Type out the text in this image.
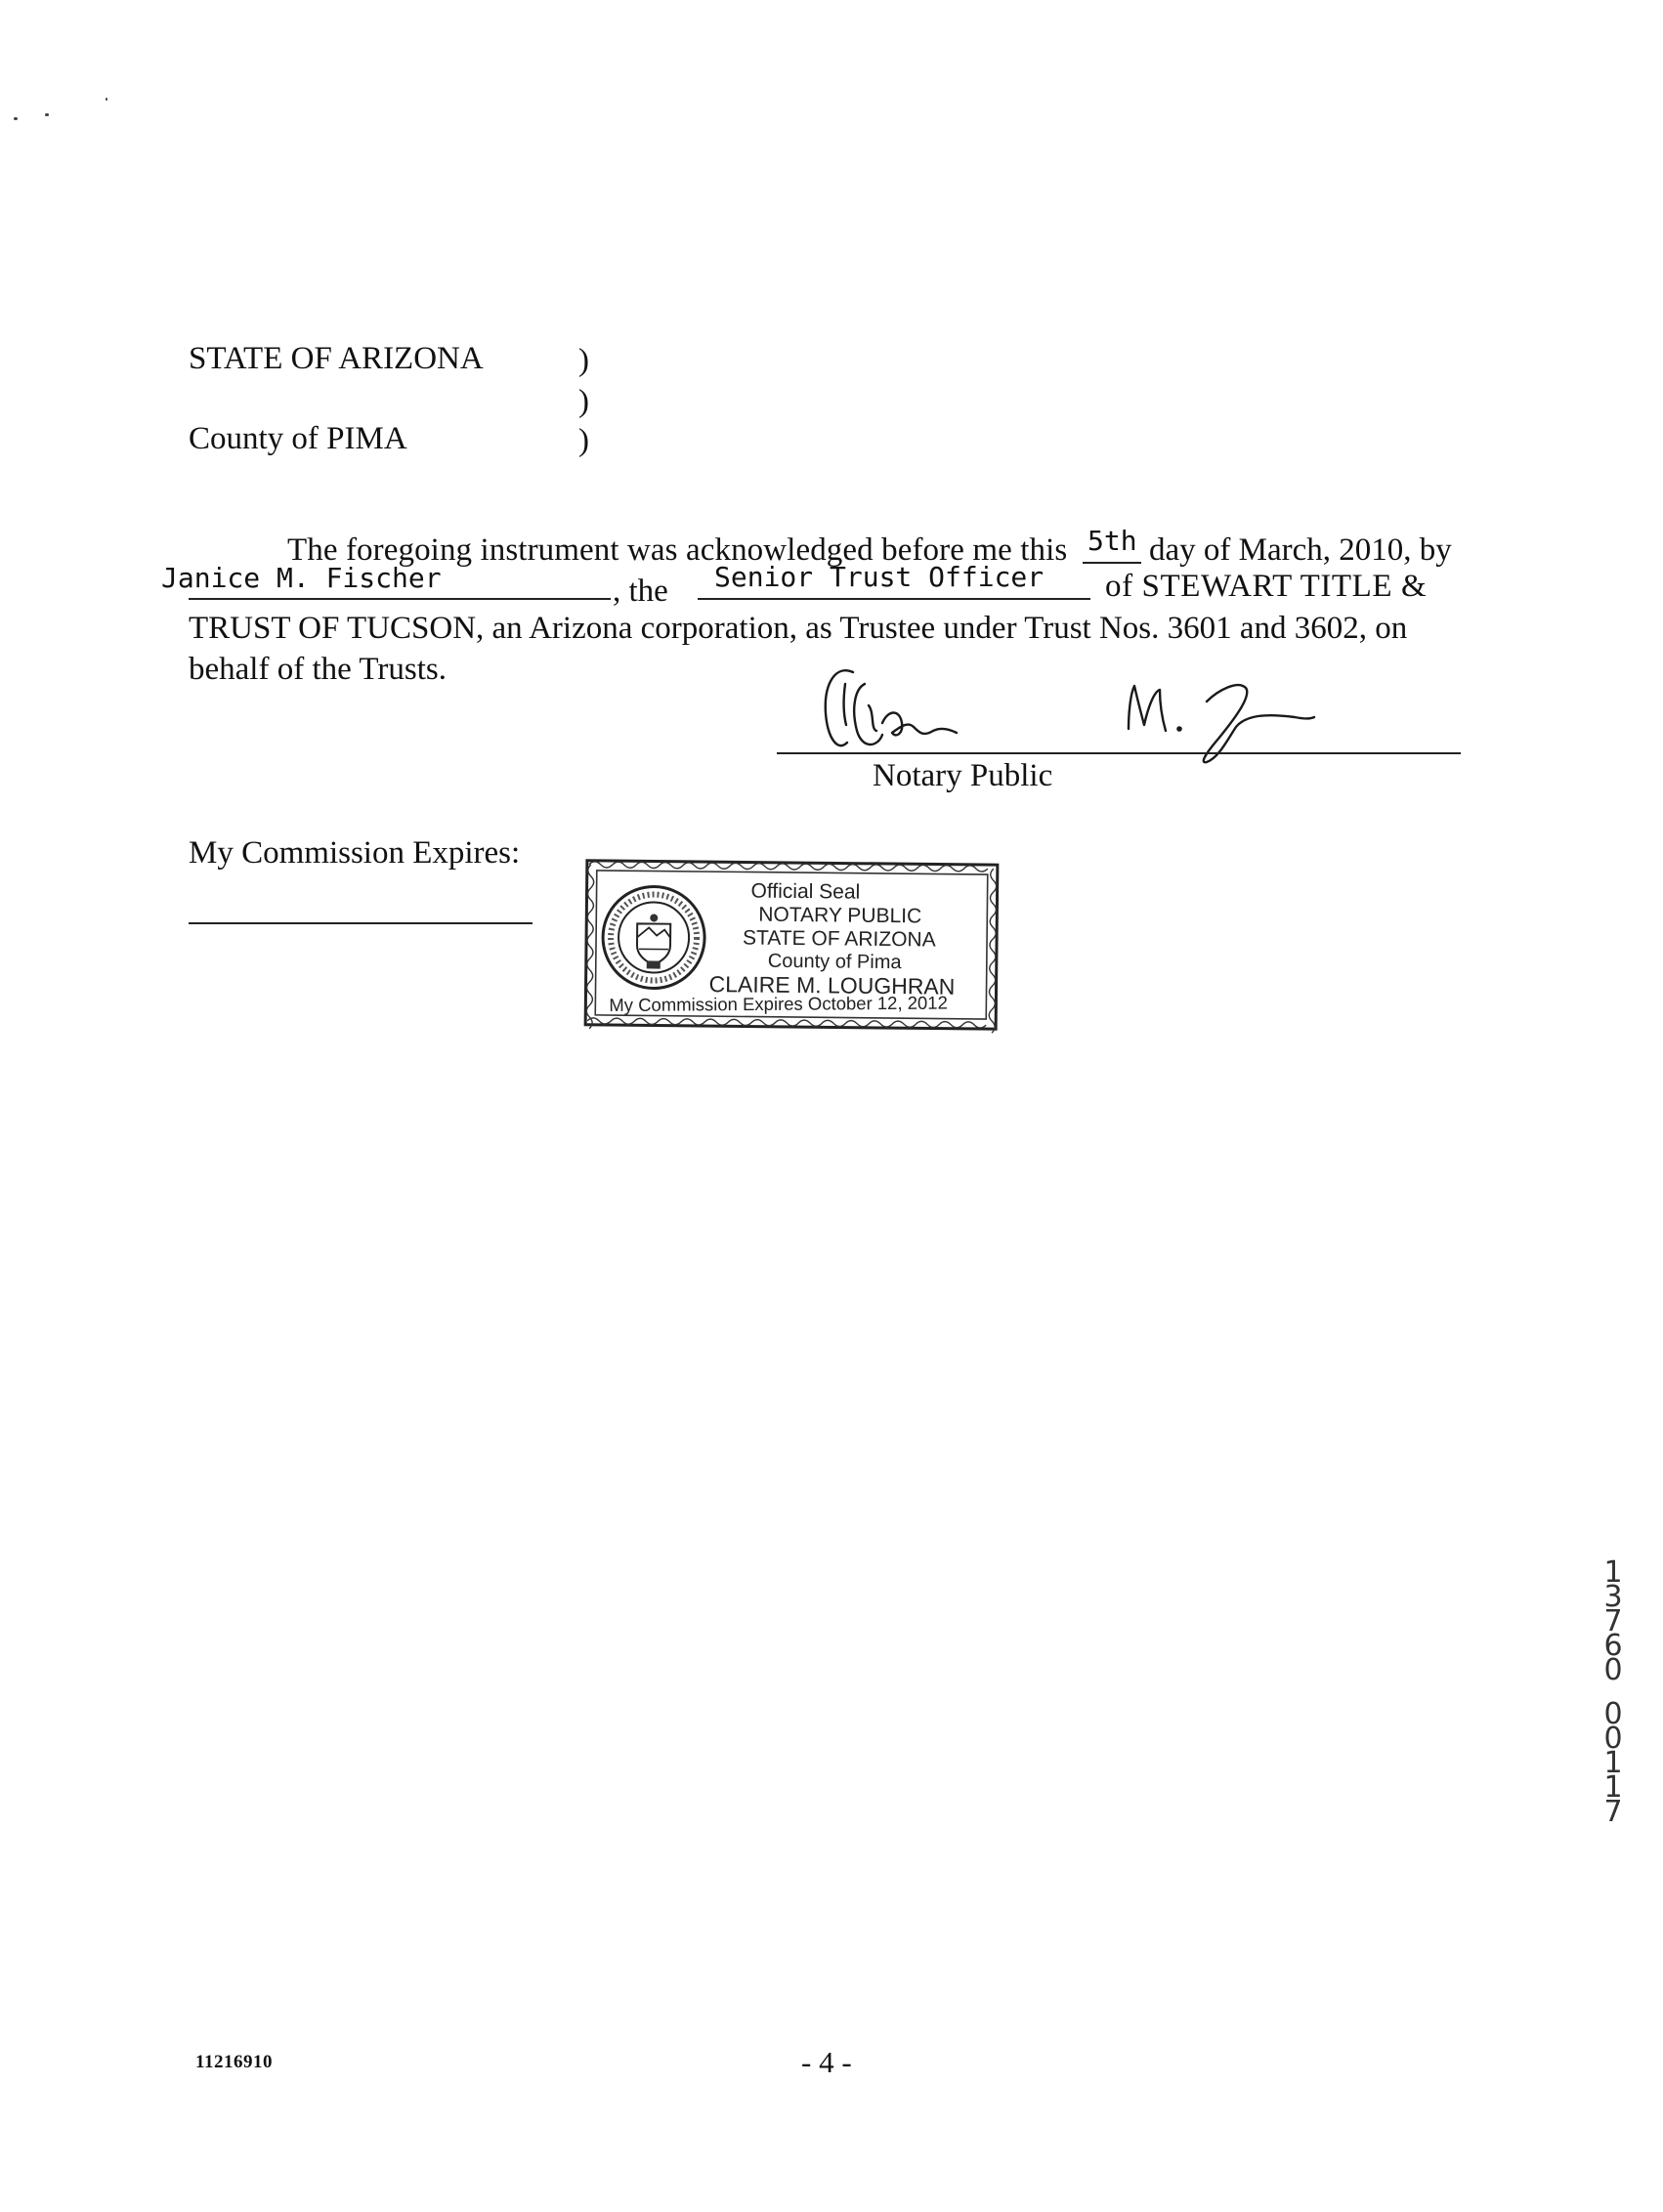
STATE OF ARIZONA
County of PIMA
)
)
)
The foregoing instrument was acknowledged before me this 5th day of March, 2010, by
Janice M. Fischer	, the Senior Trust Officer of STEWART TITLE &
TRUST OF TUCSON, an Arizona corporation, as Trustee under Trust Nos. 3601 and 3602, on
behalf of the Trusts.
Notary Public
My Commission Expires:
Official Seal
NOTARY PUBLIC
STATE OF ARIZONA
County of Pima
CLAIRE M. LOUGHRAN
My Commission Expires October 12, 2012
1
3
7
6
0
0
0
1
1
7
11216910	- 4 -
